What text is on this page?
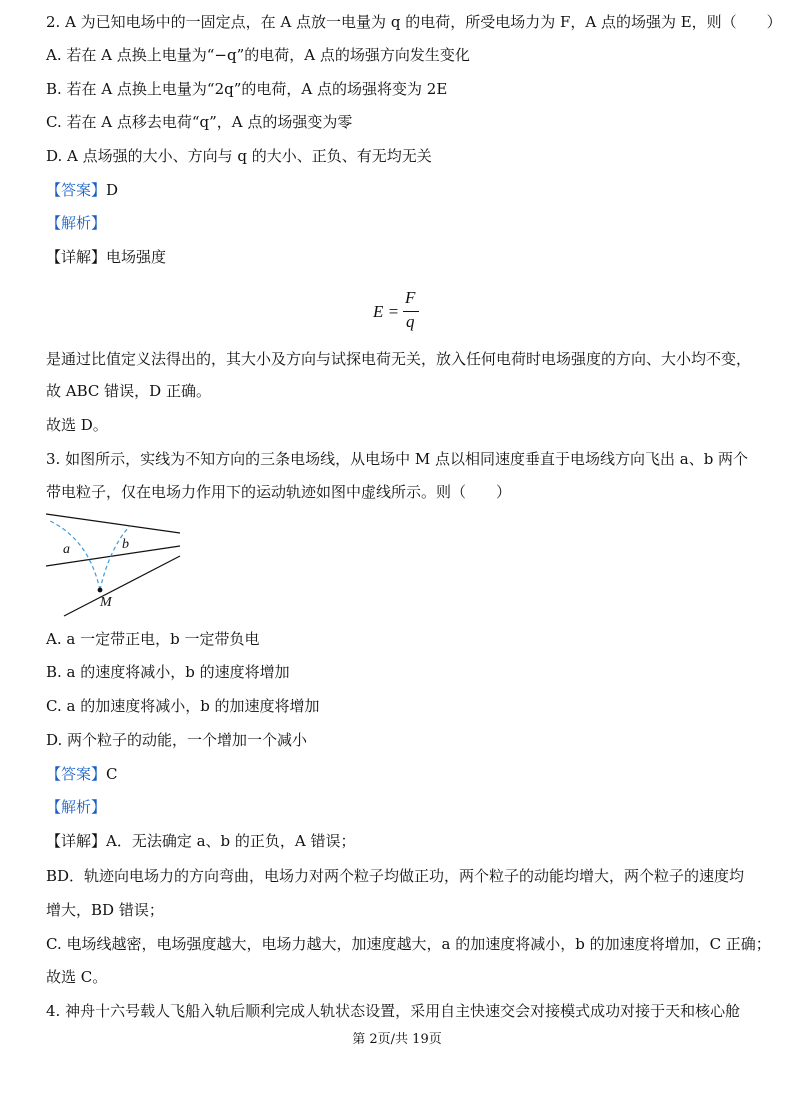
2. A 为已知电场中的一固定点，在 A 点放一电量为 q 的电荷，所受电场力为 F，A 点的场强为 E，则（　　）
A. 若在 A 点换上电量为“−q”的电荷，A 点的场强方向发生变化
B. 若在 A 点换上电量为“2q”的电荷，A 点的场强将变为 2E
C. 若在 A 点移去电荷“q”，A 点的场强变为零
D. A 点场强的大小、方向与 q 的大小、正负、有无均无关
【答案】D
【解析】
【详解】电场强度
E =
F
q
是通过比值定义法得出的，其大小及方向与试探电荷无关，放入任何电荷时电场强度的方向、大小均不变，
故 ABC 错误，D 正确。
故选 D。
3. 如图所示，实线为不知方向的三条电场线，从电场中 M 点以相同速度垂直于电场线方向飞出 a、b 两个
带电粒子，仅在电场力作用下的运动轨迹如图中虚线所示。则（　　）
a	b
M
A. a 一定带正电，b 一定带负电
B. a 的速度将减小，b 的速度将增加
C. a 的加速度将减小，b 的加速度将增加
D. 两个粒子的动能，一个增加一个减小
【答案】C
【解析】
【详解】A．无法确定 a、b 的正负，A 错误；
BD．轨迹向电场力的方向弯曲，电场力对两个粒子均做正功，两个粒子的动能均增大，两个粒子的速度均
增大，BD 错误；
C. 电场线越密，电场强度越大，电场力越大，加速度越大，a 的加速度将减小，b 的加速度将增加，C 正确；
故选 C。
4. 神舟十六号载人飞船入轨后顺利完成人轨状态设置，采用自主快速交会对接模式成功对接于天和核心舱
第 2页/共 19页
